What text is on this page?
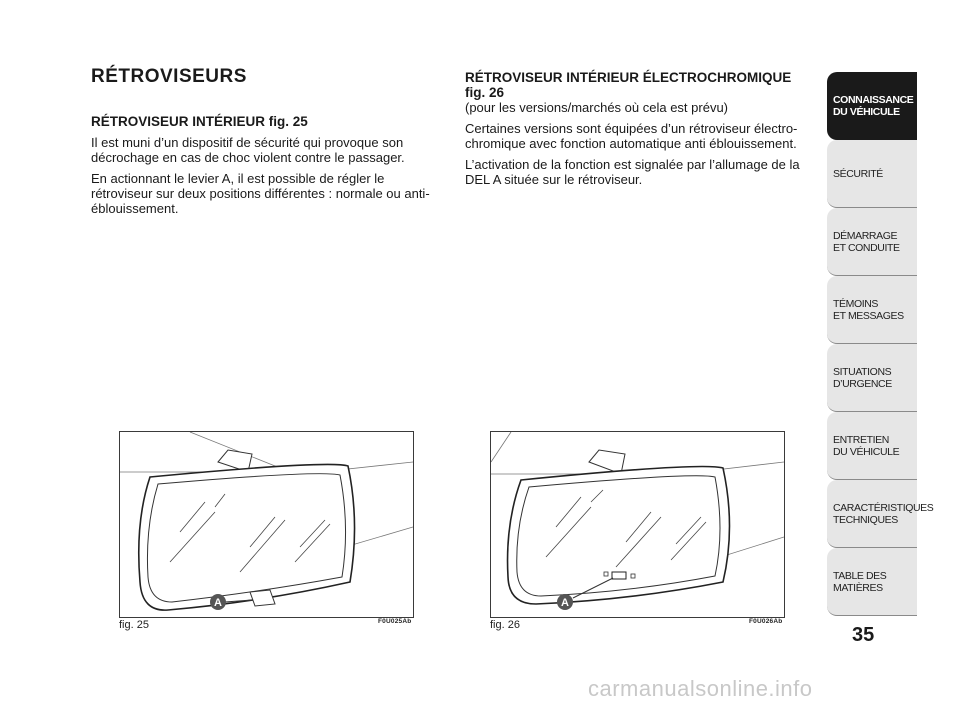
RÉTROVISEURS
RÉTROVISEUR INTÉRIEUR fig. 25

Il est muni d’un dispositif de sécurité qui provoque son décrochage en cas de choc violent contre le passager.

En actionnant le levier A, il est possible de régler le rétroviseur sur deux positions différentes : normale ou anti-éblouissement.

RÉTROVISEUR INTÉRIEUR ÉLECTROCHROMIQUE fig. 26

(pour les versions/marchés où cela est prévu)

Certaines versions sont équipées d’un rétroviseur électro-chromique avec fonction automatique anti éblouissement.

L’activation de la fonction est signalée par l’allumage de la DEL A située sur le rétroviseur.

A
fig. 25	F0U025Ab
A
fig. 26	F0U026Ab
CONNAISSANCE
DU VÉHICULE
SÉCURITÉ
DÉMARRAGE
ET CONDUITE
TÉMOINS
ET MESSAGES
SITUATIONS
D’URGENCE
ENTRETIEN
DU VÉHICULE
CARACTÉRISTIQUES
TECHNIQUES
TABLE DES
MATIÈRES

35

carmanualsonline.info
